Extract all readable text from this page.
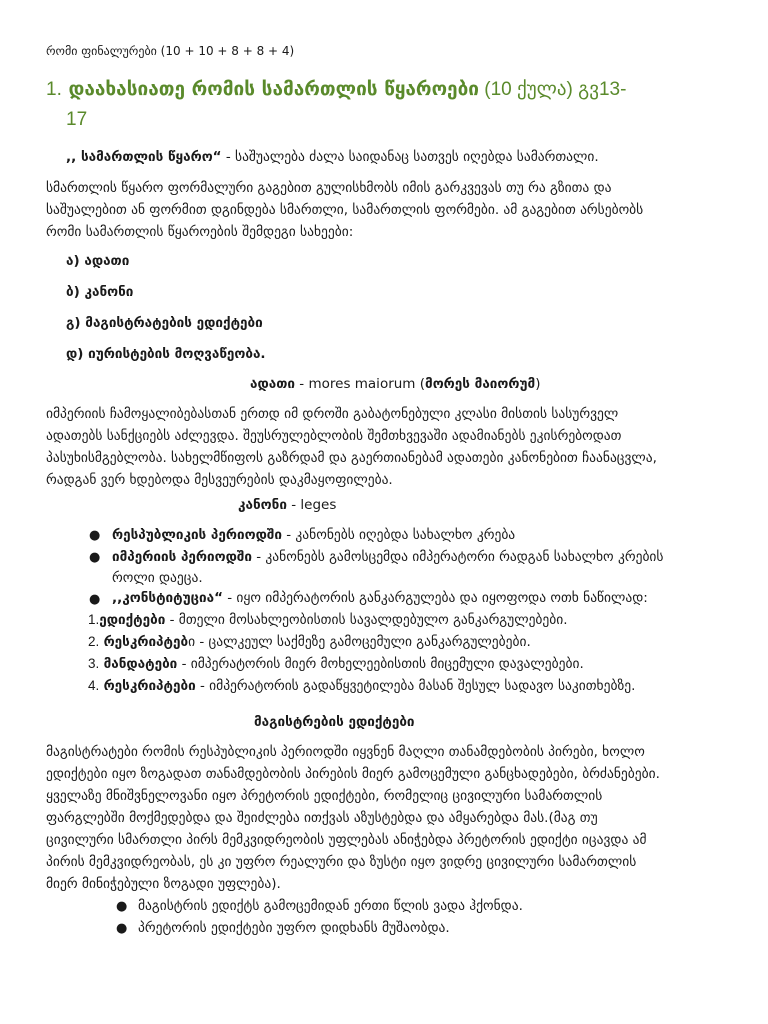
რომი ფინალურები (10 + 10 + 8 + 8 + 4)
1. დაახასიათე რომის სამართლის წყაროები (10 ქულა) გვ13-
17
,, სამართლის წყარო“ - საშუალება ძალა საიდანაც სათვეს იღებდა სამართალი.
სმართლის წყარო ფორმალური გაგებით გულისხმობს იმის გარკვევას თუ რა გზითა და
საშუალებით ან ფორმით დგინდება სმართლი, სამართლის ფორმები. ამ გაგებით არსებობს
რომი სამართლის წყაროების შემდეგი სახეები:
ა) ადათი
ბ) კანონი
გ) მაგისტრატების ედიქტები
დ) იურისტების მოღვაწეობა.
ადათი - mores maiorum (მორეს მაიორუმ)
იმპერიის ჩამოყალიბებასთან ერთდ იმ დროში გაბატონებული კლასი მისთის სასურველ
ადათებს სანქციებს აძლევდა. შეუსრულებლობის შემთხვევაში ადამიანებს ეკისრებოდათ
პასუხისმგებლობა. სახელმწიფოს გაზრდამ და გაერთიანებამ ადათები კანონებით ჩაანაცვლა,
რადგან ვერ ხდებოდა მესვეურების დაკმაყოფილება.
კანონი - leges
● რესპუბლიკის პერიოდში - კანონებს იღებდა სახალხო კრება
● იმპერიის პერიოდში - კანონებს გამოსცემდა იმპერატორი რადგან სახალხო კრების
როლი დაეცა.
● ,,კონსტიტუცია“ - იყო იმპერატორის განკარგულება და იყოფოდა ოთხ ნაწილად:
1.ედიქტები - მთელი მოსახლეობისთის სავალდებულო განკარგულებები.
2. რესკრიპტები - ცალკეულ საქმეზე გამოცემული განკარგულებები.
3. მანდატები - იმპერატორის მიერ მოხელეებისთის მიცემული დავალებები.
4. რესკრიპტები - იმპერატორის გადაწყვეტილება მასან შესულ სადავო საკითხებზე.
მაგისტრების ედიქტები
მაგისტრატები რომის რესპუბლიკის პერიოდში იყვნენ მაღლი თანამდებობის პირები, ხოლო
ედიქტები იყო ზოგადათ თანამდებობის პირების მიერ გამოცემული განცხადებები, ბრძანებები.
ყველაზე მნიშვნელოვანი იყო პრეტორის ედიქტები, რომელიც ცივილური სამართლის
ფარგლებში მოქმედებდა და შეიძლება ითქვას აზუსტებდა და ამყარებდა მას.(მაგ თუ
ცივილური სმართლი პირს მემკვიდრეობის უფლებას ანიჭებდა პრეტორის ედიქტი იცავდა ამ
პირის მემკვიდრეობას, ეს კი უფრო რეალური და ზუსტი იყო ვიდრე ცივილური სამართლის
მიერ მინიჭებული ზოგადი უფლება).
● მაგისტრის ედიქტს გამოცემიდან ერთი წლის ვადა ჰქონდა.
● პრეტორის ედიქტები უფრო დიდხანს მუშაობდა.
